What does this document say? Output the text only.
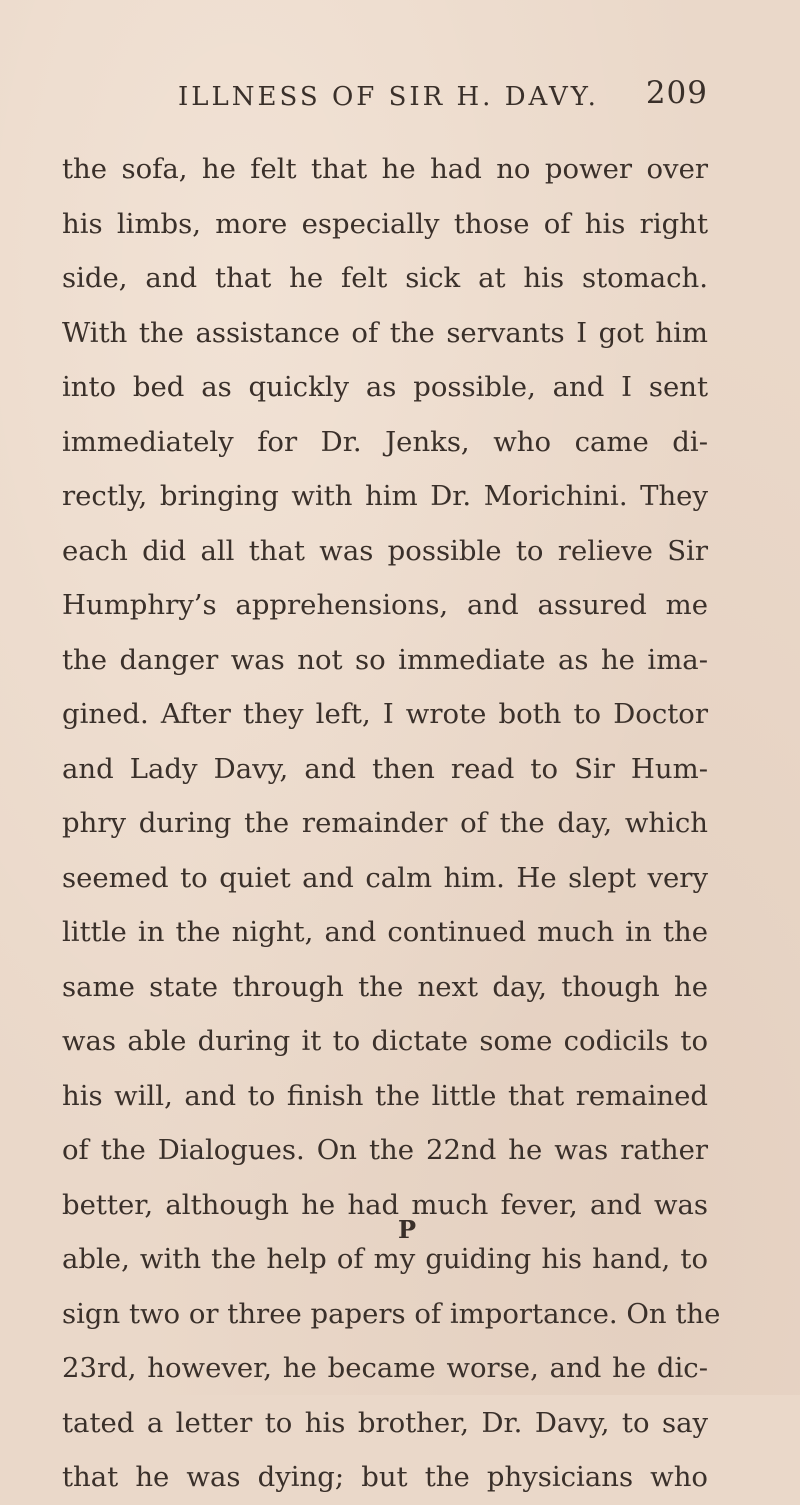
ILLNESS OF SIR H. DAVY. 209
the sofa, he felt that he had no power over
his limbs, more especially those of his right
side, and that he felt sick at his stomach.
With the assistance of the servants I got him
into bed as quickly as possible, and I sent
immediately for Dr. Jenks, who came di-
rectly, bringing with him Dr. Morichini. They
each did all that was possible to relieve Sir
Humphry’s apprehensions, and assured me
the danger was not so immediate as he ima-
gined. After they left, I wrote both to Doctor
and Lady Davy, and then read to Sir Hum-
phry during the remainder of the day, which
seemed to quiet and calm him. He slept very
little in the night, and continued much in the
same state through the next day, though he
was able during it to dictate some codicils to
his will, and to finish the little that remained
of the Dialogues. On the 22nd he was rather
better, although he had much fever, and was
able, with the help of my guiding his hand, to
sign two or three papers of importance. On the
23rd, however, he became worse, and he dic-
tated a letter to his brother, Dr. Davy, to say
that he was dying; but the physicians who
P
